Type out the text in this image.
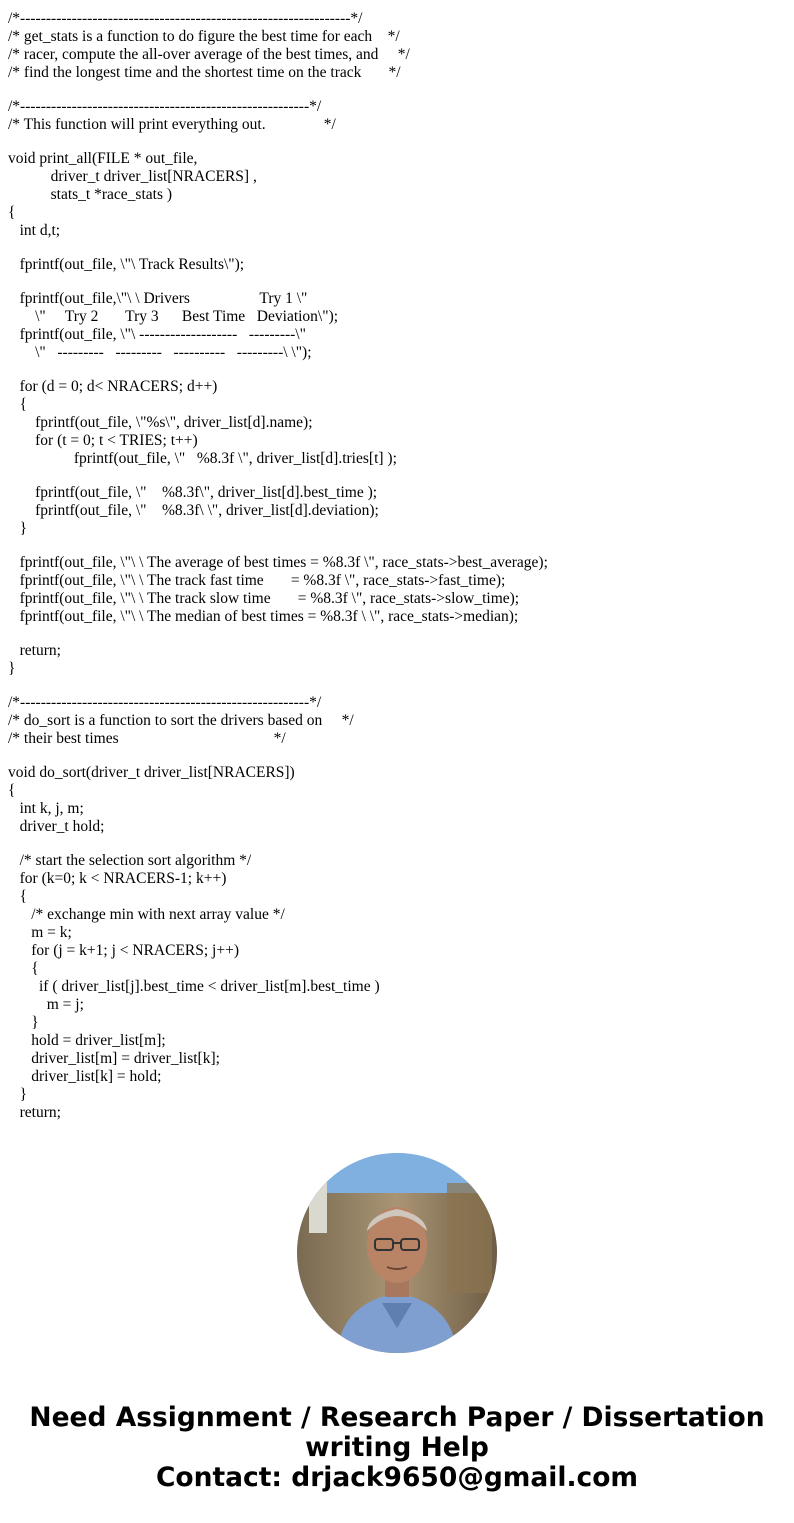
/*----------------------------------------------------------------*/
/* get_stats is a function to do figure the best time for each    */
/* racer, compute the all-over average of the best times, and     */
/* find the longest time and the shortest time on the track       */
/*--------------------------------------------------------*/
/* This function will print everything out.               */
void print_all(FILE * out_file,
driver_t driver_list[NRACERS] ,
stats_t *race_stats )
{
int d,t;
fprintf(out_file, \"\ Track Results\");
fprintf(out_file,\"\ \ Drivers                  Try 1 \"
\"     Try 2       Try 3      Best Time   Deviation\");
fprintf(out_file, \"\ -------------------   ---------\"
\"   ---------   ---------   ----------   ---------\ \");
for (d = 0; d< NRACERS; d++)
{
fprintf(out_file, \"%s\", driver_list[d].name);
for (t = 0; t < TRIES; t++)
fprintf(out_file, \"   %8.3f \", driver_list[d].tries[t] );
fprintf(out_file, \"    %8.3f\", driver_list[d].best_time );
fprintf(out_file, \"    %8.3f\ \", driver_list[d].deviation);
}
fprintf(out_file, \"\ \ The average of best times = %8.3f \", race_stats->best_average);
fprintf(out_file, \"\ \ The track fast time       = %8.3f \", race_stats->fast_time);
fprintf(out_file, \"\ \ The track slow time       = %8.3f \", race_stats->slow_time);
fprintf(out_file, \"\ \ The median of best times = %8.3f \ \", race_stats->median);
return;
}
/*--------------------------------------------------------*/
/* do_sort is a function to sort the drivers based on     */
/* their best times                                        */
void do_sort(driver_t driver_list[NRACERS])
{
int k, j, m;
driver_t hold;
/* start the selection sort algorithm */
for (k=0; k < NRACERS-1; k++)
{
/* exchange min with next array value */
m = k;
for (j = k+1; j < NRACERS; j++)
{
if ( driver_list[j].best_time < driver_list[m].best_time )
m = j;
}
hold = driver_list[m];
driver_list[m] = driver_list[k];
driver_list[k] = hold;
}
return;
Need Assignment / Research Paper / Dissertation
writing Help
Contact: drjack9650@gmail.com
